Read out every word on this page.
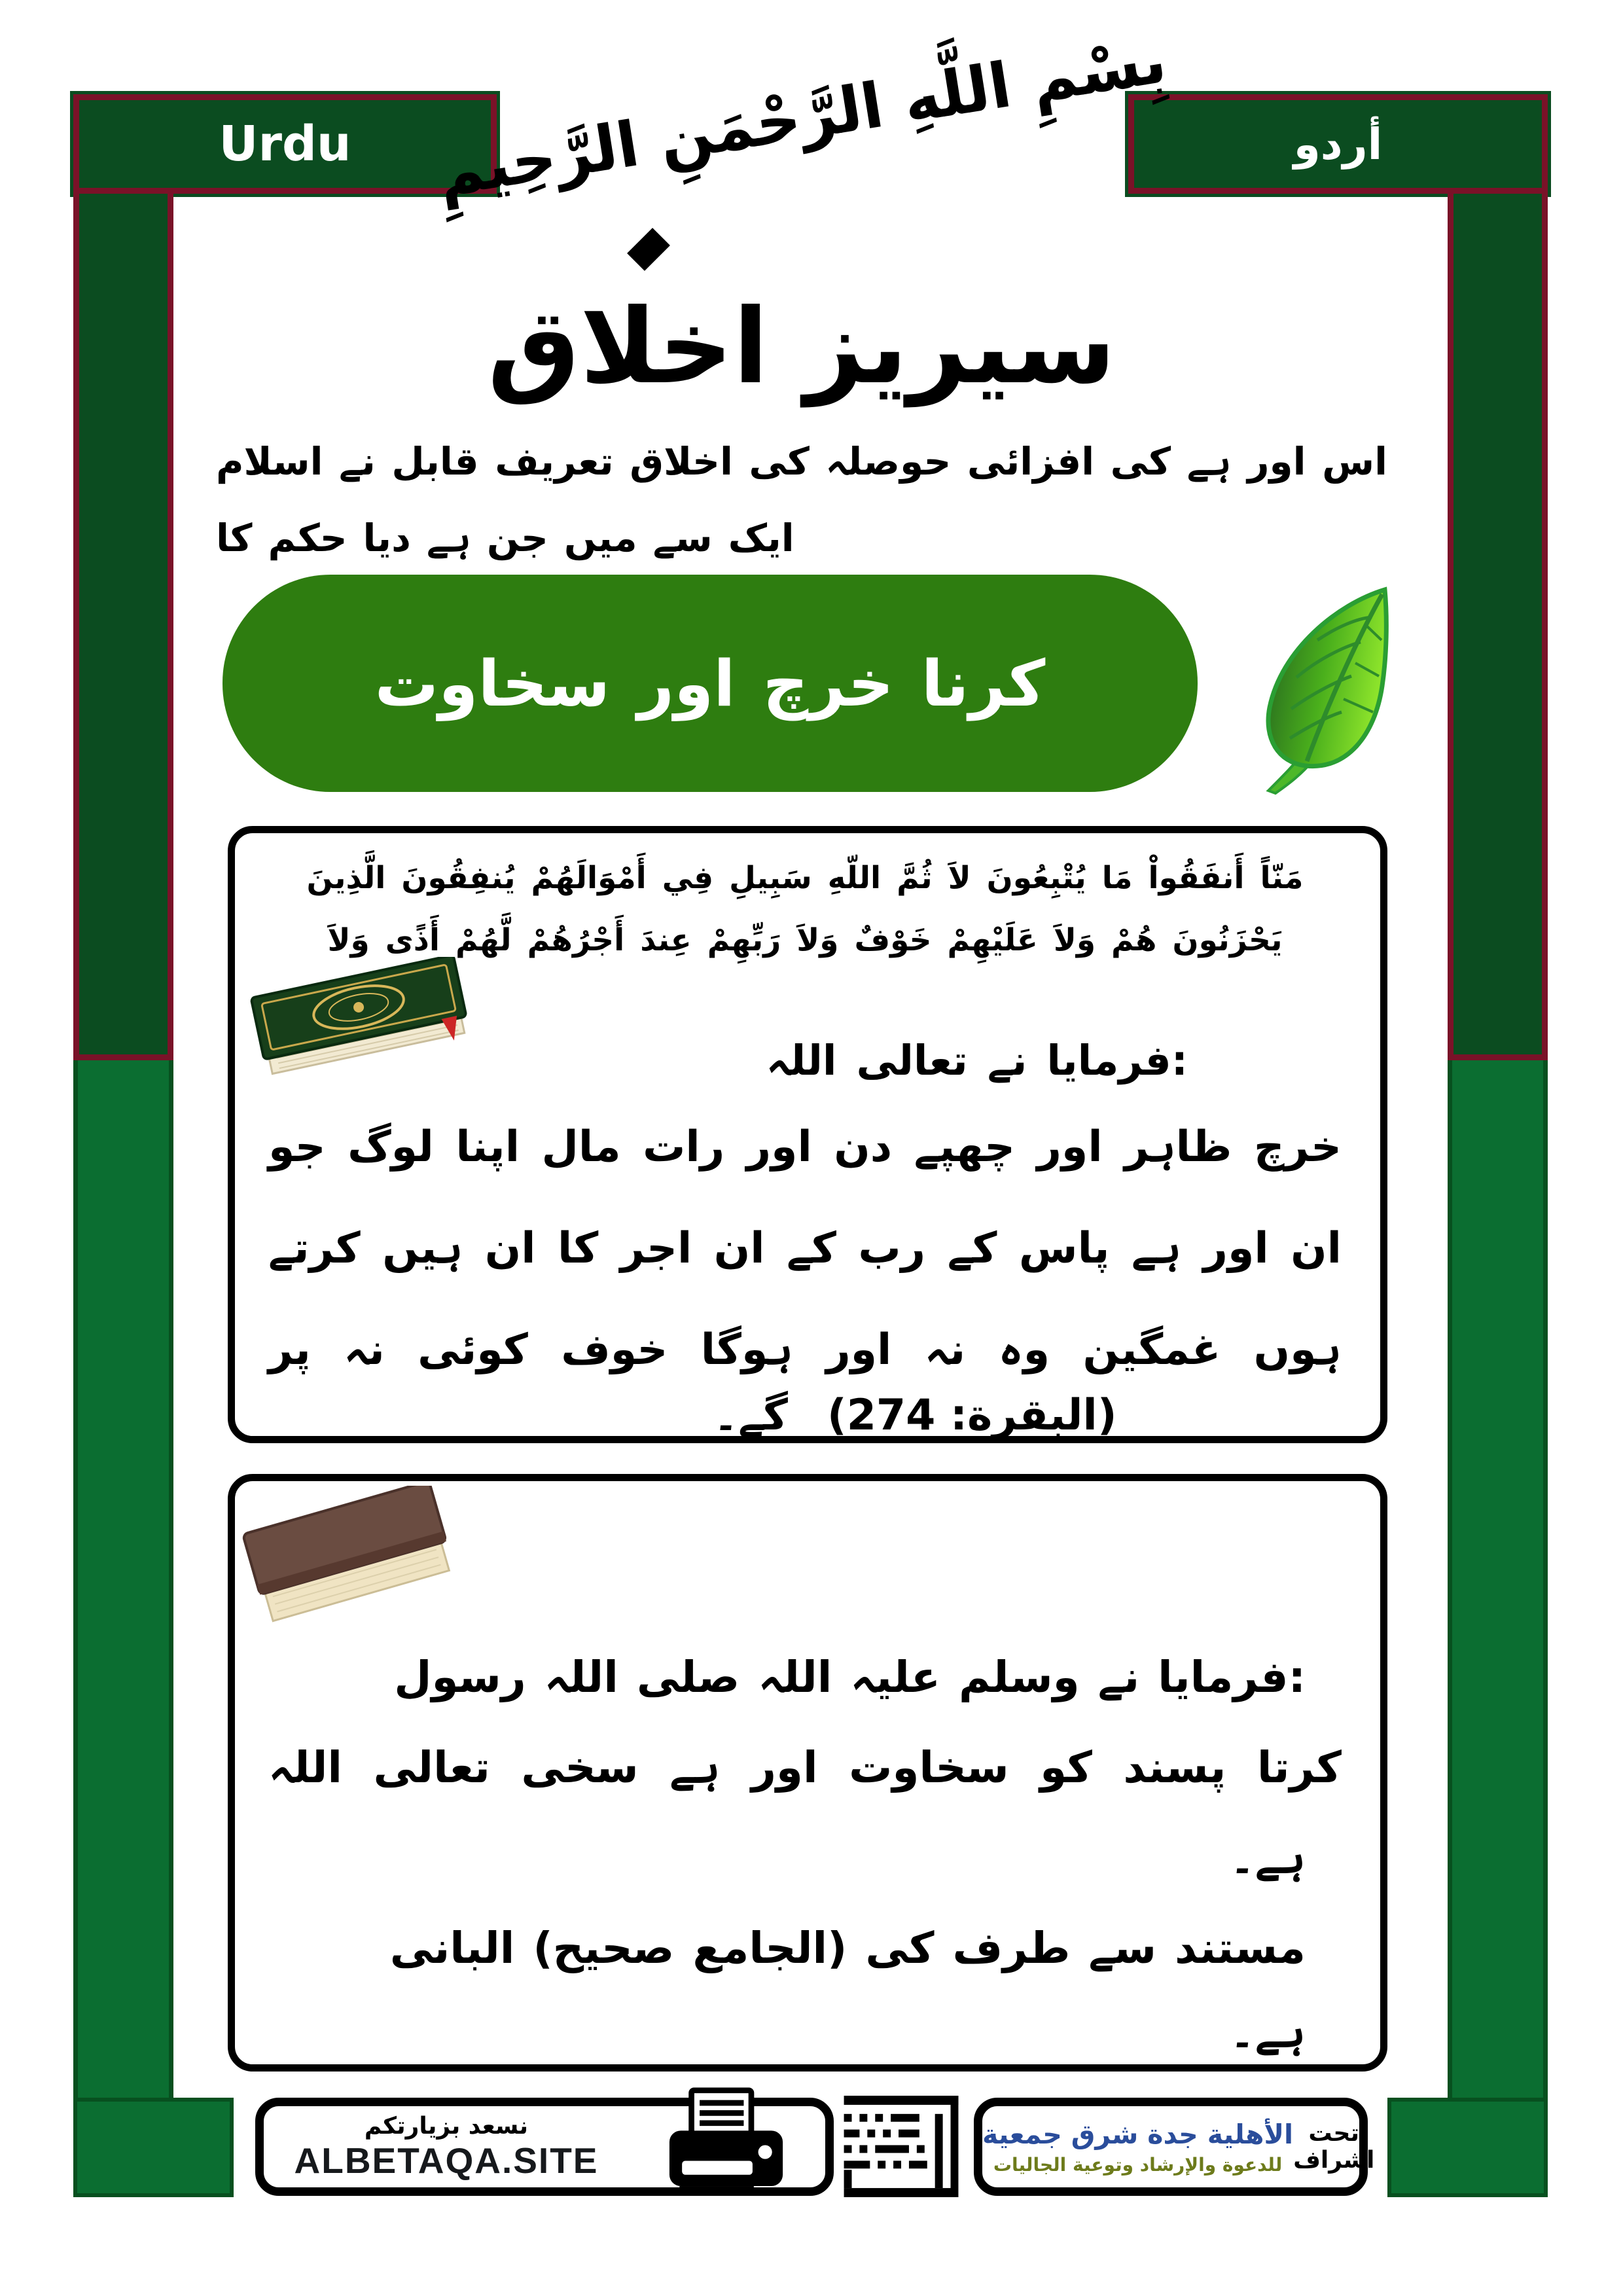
Urdu	أردو
بِسْمِ اللَّهِ الرَّحْمَنِ الرَّحِيمِ
اخلاق سیریز
اسلام نے قابل تعریف اخلاق کی حوصلہ افزائی کی ہے اور اس
کا حکم دیا ہے جن میں سے ایک
سخاوت اور خرچ کرنا
الَّذِينَ يُنفِقُونَ أَمْوَالَهُمْ فِي سَبِيلِ اللّهِ ثُمَّ لاَ يُتْبِعُونَ مَا أَنفَقُواْ مَنّاً
وَلاَ أَذًى لَّهُمْ أَجْرُهُمْ عِندَ رَبِّهِمْ وَلاَ خَوْفٌ عَلَيْهِمْ وَلاَ هُمْ يَحْزَنُونَ
اللہ تعالی نے فرمایا:
جو لوگ اپنا مال رات اور دن چھپے اور ظاہر خرچ
کرتے ہیں ان کا اجر ان کے رب کے پاس ہے اور ان
پر نہ کوئی خوف ہوگا اور نہ وہ غمگین ہوں
گے۔ (البقرة: 274)
رسول اللہ صلی اللہ علیہ وسلم نے فرمایا:
اللہ تعالی سخی ہے اور سخاوت کو پسند کرتا
ہے۔
البانی (صحیح الجامع) کی طرف سے مستند
ہے۔
نسعد بزيارتكم
ALBETAQA.SITE
جمعية شرق جدة الأهلية
للدعوة والإرشاد وتوعية الجاليات
تحت
اشراف
